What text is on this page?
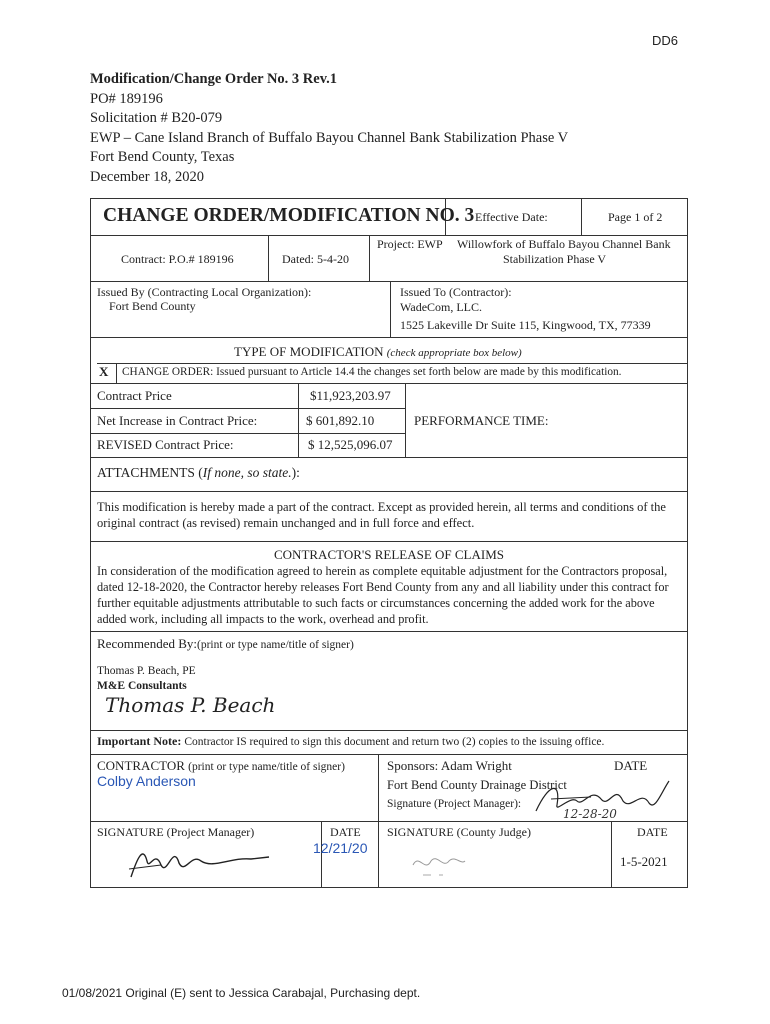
DD6
Modification/Change Order No. 3 Rev.1
PO# 189196
Solicitation # B20-079
EWP – Cane Island Branch of Buffalo Bayou Channel Bank Stabilization Phase V
Fort Bend County, Texas
December 18, 2020
CHANGE ORDER/MODIFICATION NO. 3 Effective Date:	Page 1 of 2
Contract: P.O.# 189196	Dated: 5-4-20
Project: EWP Willowfork of Buffalo Bayou Channel Bank
Stabilization Phase V
Issued By (Contracting Local Organization):
Fort Bend County
Issued To (Contractor):
WadeCom, LLC.
1525 Lakeville Dr Suite 115, Kingwood, TX, 77339
TYPE OF MODIFICATION (check appropriate box below)
X CHANGE ORDER: Issued pursuant to Article 14.4 the changes set forth below are made by this modification.
Contract Price	$11,923,203.97
Net Increase in Contract Price:	$ 601,892.10
REVISED Contract Price:	$ 12,525,096.07
PERFORMANCE TIME:
ATTACHMENTS (If none, so state.):
This modification is hereby made a part of the contract. Except as provided herein, all terms and conditions of the original contract (as revised) remain unchanged and in full force and effect.
CONTRACTOR'S RELEASE OF CLAIMS
In consideration of the modification agreed to herein as complete equitable adjustment for the Contractors proposal, dated 12-18-2020, the Contractor hereby releases Fort Bend County from any and all liability under this contract for further equitable adjustments attributable to such facts or circumstances concerning the added work for the above added work, including all impacts to the work, overhead and profit.
Recommended By:(print or type name/title of signer)
Thomas P. Beach, PE
M&E Consultants
Thomas P. Beach
Important Note: Contractor IS required to sign this document and return two (2) copies to the issuing office.
CONTRACTOR (print or type name/title of signer)
Colby Anderson
Sponsors: Adam Wright	DATE
Fort Bend County Drainage District
Signature (Project Manager):
12-28-20
SIGNATURE (Project Manager)	DATE
12/21/20
SIGNATURE (County Judge)	DATE
1-5-2021
01/08/2021 Original (E) sent to Jessica Carabajal, Purchasing dept.
